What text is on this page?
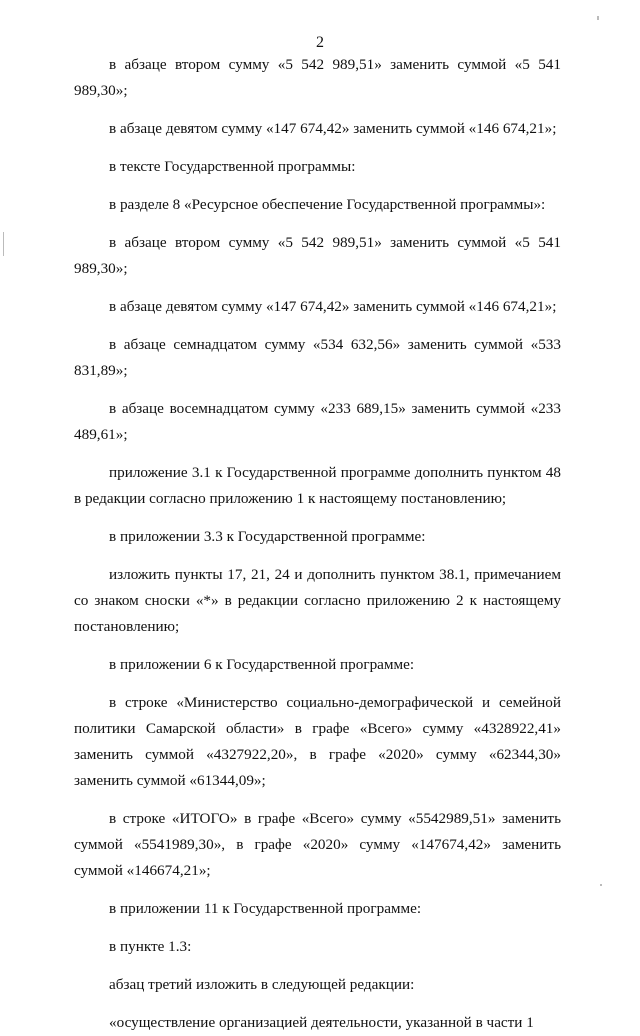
2

в абзаце втором сумму «5 542 989,51» заменить суммой «5 541 989,30»;

в абзаце девятом сумму «147 674,42» заменить суммой «146 674,21»;

в тексте Государственной программы:

в разделе 8 «Ресурсное обеспечение Государственной программы»:

в абзаце втором сумму «5 542 989,51» заменить суммой «5 541 989,30»;

в абзаце девятом сумму «147 674,42» заменить суммой «146 674,21»;

в абзаце семнадцатом сумму «534 632,56» заменить суммой «533 831,89»;

в абзаце восемнадцатом сумму «233 689,15» заменить суммой «233 489,61»;

приложение 3.1 к Государственной программе дополнить пунктом 48 в редакции согласно приложению 1 к настоящему постановлению;

в приложении 3.3 к Государственной программе:

изложить пункты 17, 21, 24 и дополнить пунктом 38.1, примечанием со знаком сноски «*» в редакции согласно приложению 2 к настоящему постановлению;

в приложении 6 к Государственной программе:

в строке «Министерство социально-демографической и семейной политики Самарской области» в графе «Всего» сумму «4328922,41» заменить суммой «4327922,20», в графе «2020» сумму «62344,30» заменить суммой «61344,09»;

в строке «ИТОГО» в графе «Всего» сумму «5542989,51» заменить суммой «5541989,30», в графе «2020» сумму «147674,42» заменить суммой «146674,21»;

в приложении 11 к Государственной программе:

в пункте 1.3:

абзац третий изложить в следующей редакции:

«осуществление организацией деятельности, указанной в части 1
